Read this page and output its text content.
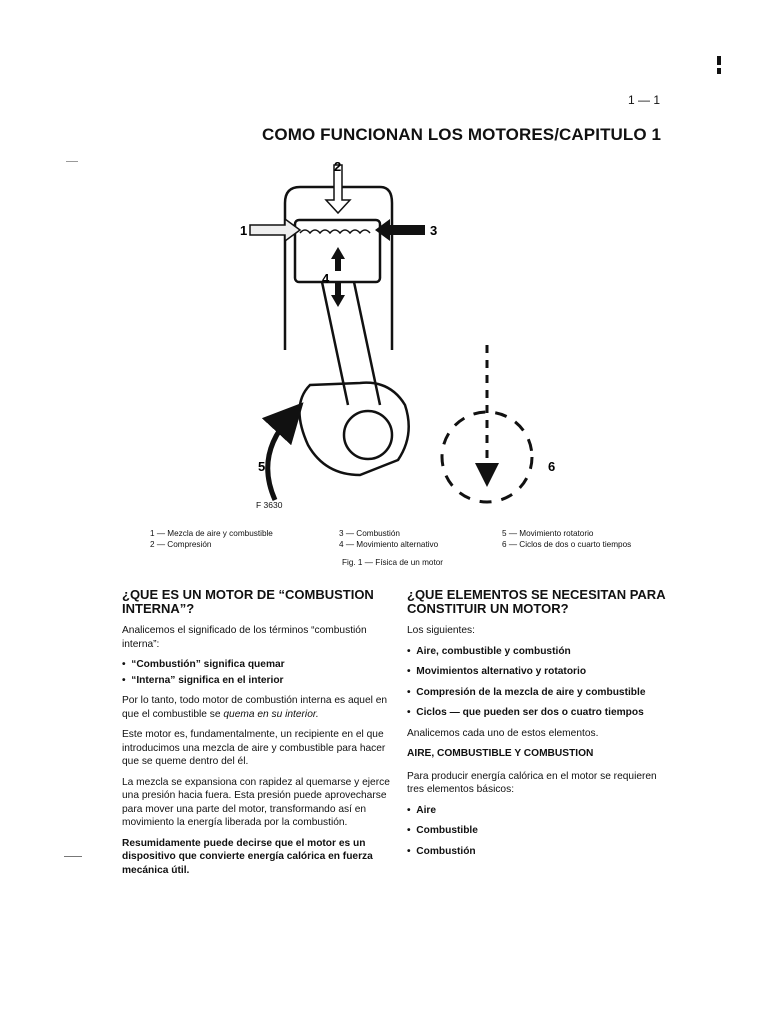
1 — 1
COMO FUNCIONAN LOS MOTORES/CAPITULO 1
1
2
3
4
5	6
F 3630
1 — Mezcla de aire y combustible
2 — Compresión
3 — Combustión
4 — Movimiento alternativo
5 — Movimiento rotatorio
6 — Ciclos de dos o cuarto tiempos
Fig. 1 — Física de un motor
¿QUE ES UN MOTOR DE “COMBUSTION INTERNA”?

Analicemos el significado de los términos “combustión interna”:

•  “Combustión” significa quemar
•  “Interna” significa en el interior

Por lo tanto, todo motor de combustión interna es aquel en que el combustible se quema en su interior.

Este motor es, fundamentalmente, un recipiente en el que introducimos una mezcla de aire y combustible para hacer que se queme dentro del él.

La mezcla se expansiona con rapidez al quemarse y ejerce una presión hacia fuera. Esta presión puede aprovecharse para mover una parte del motor, transformando así en movimiento la energía liberada por la combustión.

Resumidamente puede decirse que el motor es un dispositivo que convierte energía calórica en fuerza mecánica útil.

¿QUE ELEMENTOS SE NECESITAN PARA CONSTITUIR UN MOTOR?

Los siguientes:

•  Aire, combustible y combustión
•  Movimientos alternativo y rotatorio
•  Compresión de la mezcla de aire y combustible
•  Ciclos — que pueden ser dos o cuatro tiempos

Analicemos cada uno de estos elementos.

AIRE, COMBUSTIBLE Y COMBUSTION

Para producir energía calórica en el motor se requieren tres elementos básicos:

•  Aire
•  Combustible
•  Combustión
